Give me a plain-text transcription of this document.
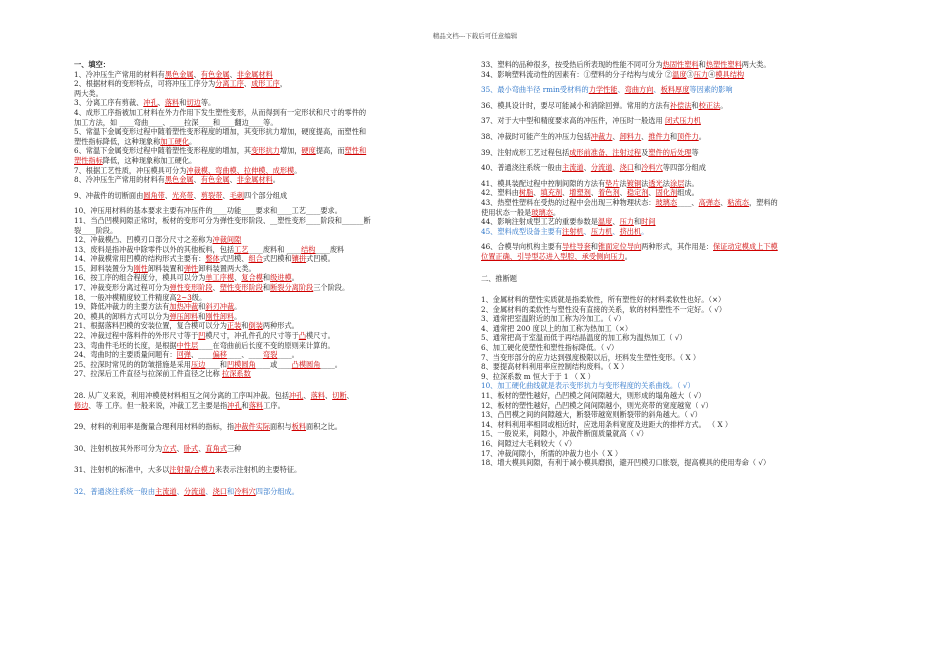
精品文档---下载后可任意编辑
一、填空：
1、冷冲压生产常用的材料有黑色金属、有色金属、非金属材料
2、根据材料的变形特点，可将冲压工序分为分离工序、成形工序，
两大类。
3、分离工序有剪裁、冲孔、落料和切边等。
4、成形工序指被加工材料在外力作用下发生塑性变形，从而得到有一定形状和尺寸的零件的
加工方法，如 ____弯曲____、____拉深____和____翻边____等。
5、常温下金属变形过程中随着塑性变形程度的增加，其变形抗力增加，硬度提高，而塑性和
塑性指标降低，这种现象称加工硬化。
6、常温下金属变形过程中随着塑性变形程度的增加，其变形抗力增加，硬度提高，而塑性和
塑性指标降低，这种现象称加工硬化。
7、根据工艺性质，冲压模具可分为冲裁模、弯曲模、拉伸模、成形模。
8、冷冲压生产常用的材料有黑色金属、有色金属、非金属材料。
9、冲裁件的切断面由圆角带、光亮带、剪裂带、毛刺四个部分组成
10、冲压用材料的基本要求主要有冲压件的____功能____要求和____工艺____要求。
11、当凸凹模间隙正常时，板材的变形可分为弹性变形阶段、__塑性变形____阶段和______断
裂____阶段。
12、冲裁模凸、凹模刃口部分尺寸之差称为冲裁间隙
13、废料是指冲裁中除零件以外的其他板料，包括工艺____废料和 ____结构____废料
14、冲裁模常用凹模的结构形式主要有：整体式凹模、组合式凹模和镶拼式凹模。
15、卸料装置分为刚性卸料装置和弹性卸料装置两大类。
16、按工序的组合程度分，模具可以分为单工序模、复合模和级进模。
17、冲裁变形分离过程可分为弹性变形阶段、塑性变形阶段和断裂分离阶段三个阶段。
18、一般冲模精度较工件精度高2~3级。
19、降低冲裁力的主要方法有加热冲裁和斜刃冲裁。
20、模具的卸料方式可以分为弹压卸料和刚性卸料。
21、根据落料凹模的安装位置，复合模可以分为正装和倒装两种形式。
22、冲裁过程中落料件的外形尺寸等于凹模尺寸，冲孔件孔的尺寸等于凸模尺寸。
23、弯曲件毛坯的长度，是根据中性层____在弯曲前后长度不变的原则来计算的。
24、弯曲时的主要质量问题有：回弹、____偏移____、____弯裂____。
25、拉深时常见的的防皱措施是采用压边____和凹模圆角____或____凸模圆角____。
27、拉深后工件直径与拉深前工件直径之比称 拉深系数
28. 从广义来说，利用冲模使材料相互之间分离的工序叫冲裁。包括冲孔、落料、切断、
修边、等 工序。但一般来说，冲裁工艺主要是指冲孔和落料工序。
29、材料的利用率是衡量合理利用材料的指标，指冲裁件实际面积与板料面积之比。
30、注射机按其外形可分为立式、卧式、直角式三种
31、注射机的标准中，大多以注射量/合模力来表示注射机的主要特征。
32、普通浇注系统一般由主流道、分流道、浇口和冷料穴四部分组成。
33、塑料的品种很多，按受热后所表现的性能不同可分为热固性塑料和热塑性塑料两大类。
34、影响塑料流动性的因素有：①塑料的分子结构与成分 ②温度③压力④模具结构
35、最小弯曲半径 rmin受材料的力学性能、弯曲方向、板料厚度等因素的影响
36、模具设计时，要尽可能减小和消除回弹。常用的方法有补偿法和校正法。
37、对于大中型和精度要求高的冲压件，冲压时一般选用 闭式压力机
38、冲裁时可能产生的冲压力包括冲裁力、卸料力、推件力和顶件力。
39、注射成形工艺过程包括成形前准备、注射过程及塑件的后处理等
40、普通浇注系统一般由主流道、分流道、浇口和冷料穴等四部分组成
41、模具装配过程中控制间隙的方法有垫片法镀铜法透光法涂层法。
42、塑料由树脂、填充剂、增塑剂、着色剂、稳定剂、固化剂组成。
43、热塑性塑料在受热的过程中会出现三种物理状态：玻璃态____、高弹态、粘流态，塑料的
使用状态一般是玻璃态。
44、影响注射成型工艺的重要参数是温度、压力和时间
45、塑料成型设备主要有注射机、压力机、挤出机。
46、合模导向机构主要有导柱导套和锥面定位导向两种形式，其作用是：保证动定模成上下模
位置正确、引导型芯进入型腔、承受侧向压力。
二、推断题
1、金属材料的塑性实质就是指柔软性，所有塑性好的材料柔软性也好。（×）
2、金属材料的柔软性与塑性没有直接的关系，软的材料塑性不一定好。（ √）
3、通常把室温附近的加工称为冷加工。（ √）
4、通常把 200 度以上的加工称为热加工（×）
5、通常把高于室温而低于再结晶温度的加工称为温热加工（ √）
6、加工硬化使塑性和塑性指标降低。（ √）
7、当变形部分的应力达到强度极限以后，坯料发生塑性变形。（ X ）
8、要提高材料利用率应控制结构废料。（ X ）
9、拉深系数 m 恒大于于 1 （ X ）
10、加工硬化曲线就是表示变形抗力与变形程度的关系曲线。（ √）
11、板材的塑性越好，凸凹模之间间隙越大，则形成的塌角越大（ √）
12、板材的塑性越好，凸凹模之间间隙越小，则光亮带的宽度越宽（ √）
13、凸凹模之间的间隙越大，断裂带越宽则断裂带的斜角越大。（ √）
14、材料利用率相同或相近时，应选用条料宽度及进距大的排样方式。 （ X ）
15、一般说来，间隙小，冲裁件断面质量就高（ √）
16、间隙过大毛刺较大（ √）
17、冲裁间隙小，所需的冲裁力也小（ X ）
18、增大模具间隙，有利于减小模具磨损，避开凹模刃口胀裂，提高模具的使用寿命（ √）
